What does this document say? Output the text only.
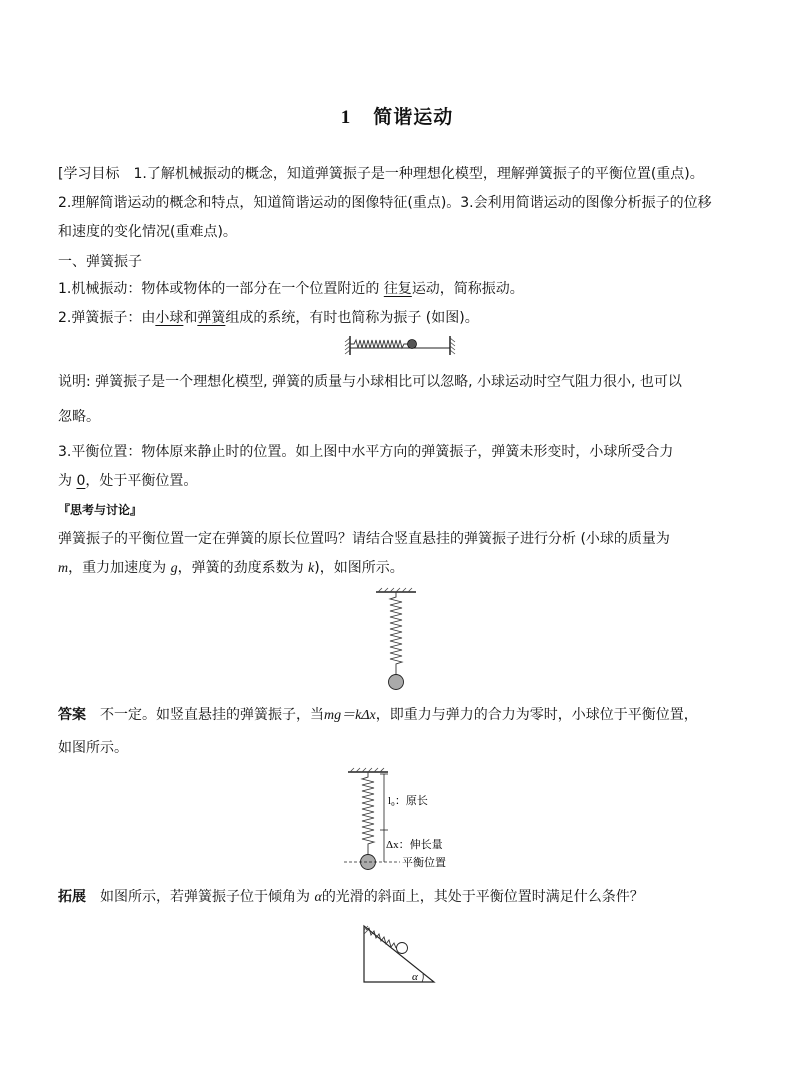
1 简谐运动
[学习目标　1.了解机械振动的概念，知道弹簧振子是一种理想化模型，理解弹簧振子的平衡位置(重点)。
2.理解简谐运动的概念和特点，知道简谐运动的图像特征(重点)。3.会利用简谐运动的图像分析振子的位移
和速度的变化情况(重难点)。
一、弹簧振子
1.机械振动：物体或物体的一部分在一个位置附近的 往复运动，简称振动。
2.弹簧振子：由小球和弹簧组成的系统，有时也简称为振子 (如图)。
说明: 弹簧振子是一个理想化模型, 弹簧的质量与小球相比可以忽略, 小球运动时空气阻力很小, 也可以
忽略。
3.平衡位置：物体原来静止时的位置。如上图中水平方向的弹簧振子，弹簧未形变时，小球所受合力
为 0，处于平衡位置。
『思考与讨论』
弹簧振子的平衡位置一定在弹簧的原长位置吗？请结合竖直悬挂的弹簧振子进行分析 (小球的质量为
m，重力加速度为 g，弹簧的劲度系数为 k)，如图所示。
答案　不一定。如竖直悬挂的弹簧振子，当mg＝kΔx，即重力与弹力的合力为零时，小球位于平衡位置，
如图所示。
l₀：原长
Δx：伸长量
平衡位置
拓展　如图所示，若弹簧振子位于倾角为 α的光滑的斜面上，其处于平衡位置时满足什么条件？
α
